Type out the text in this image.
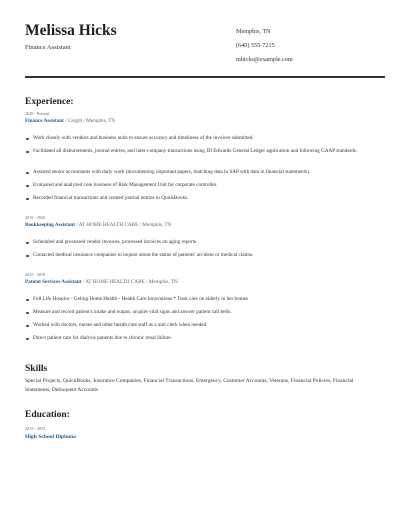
Melissa Hicks
Finance Assistant
Memphis, TN
(640) 555-7215
mhicks@example.com
Experience:
2020 - Present
Finance Assistant / Cargill / Memphis, TN
Work closely with vendors and business units to ensure accuracy and timeliness of the invoices submitted.
Facilitated all disbursements, journal entries, and inter-company transactions using JD Edwards General Ledger application and following GAAP standards.
Assisted senior accountants with daily work (documenting important papers, matching data in SAP with data in financial statements).
Evaluated and analyzed core business of Risk Management Unit for corporate controller.
Recorded financial transactions and created journal entries in QuickBooks.
2019 - 2020
Bookkeeping Assistant / AT HOME HEALTH CARE / Memphis, TN
Scheduled and processed vendor invoices, processed invoices on aging reports.
Contacted medical insurance companies to inquire about the status of patients' accident or medical claims.
2015 - 2019
Patient Services Assistant / AT HOME HEALTH CARE / Memphis, TN
Full Life Hospice - Geling Home Health - Health Care Innovations * Took care on elderly in her homes
Measure and record patient's intake and output, acquire vital signs and answer patient call bells.
Worked with doctors, nurses and other health care staff as a unit clerk when needed.
Direct patient care for dialysis patients due to chronic renal failure.
Skills
Special Projects, QuickBooks, Insurance Companies, Financial Transactions, Emergency, Customer Accounts, Veterans, Financial Policies, Financial Statements, Delinquent Accounts
Education:
2015 - 2015
High School Diploma
